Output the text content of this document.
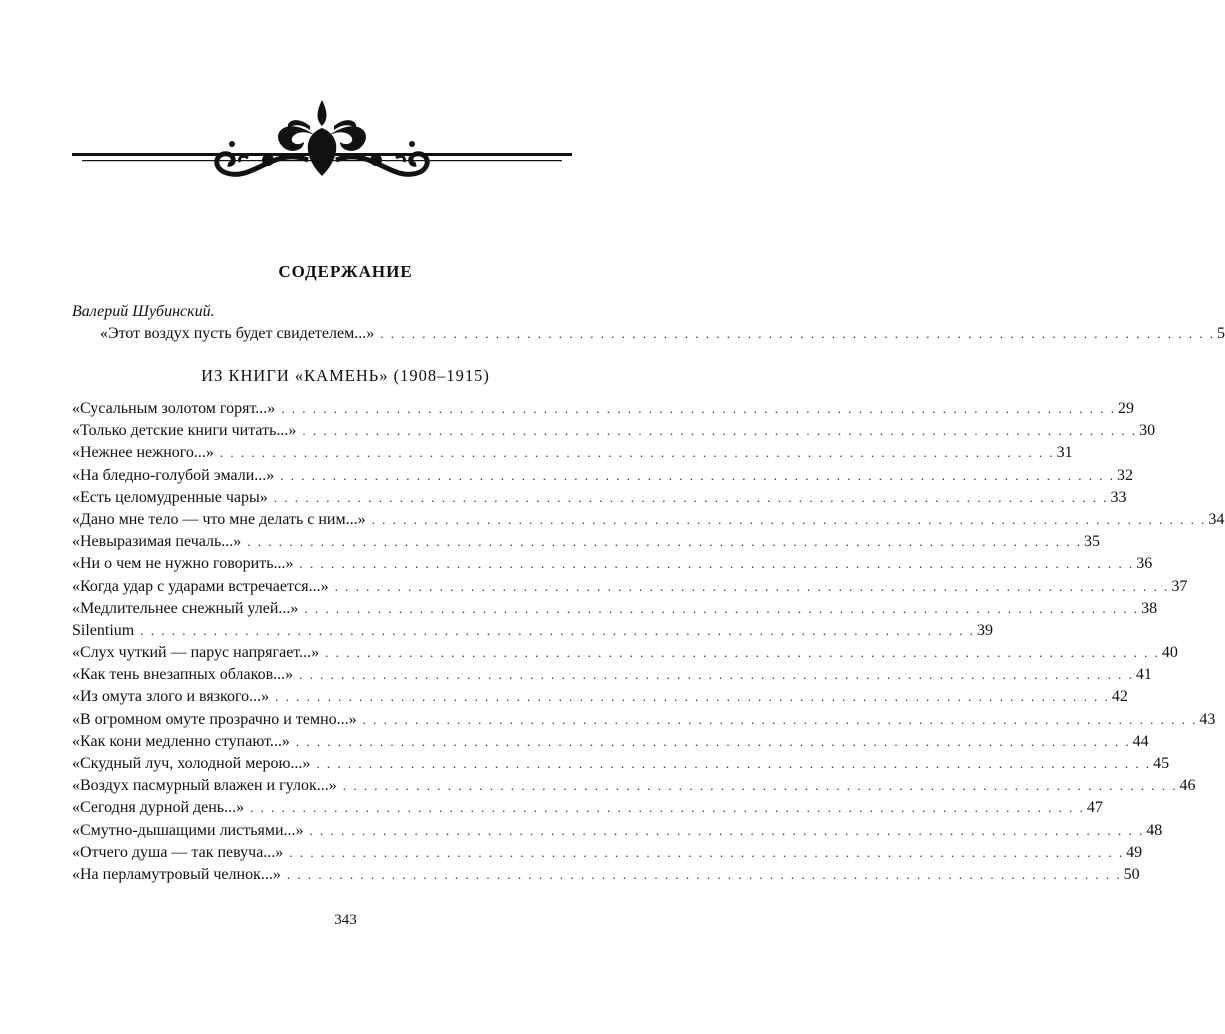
СОДЕРЖАНИЕ
Валерий Шубинский.
«Этот воздух пусть будет свидетелем...» . . . . . . . . . . . . . . . . . . . . . . . . . . . . . . . . . . . . . . . . . . . . . . . . . . . . . . . . . . . . . . . . . . . . . . . . . . . . . . . . 5
ИЗ КНИГИ «КАМЕНЬ» (1908–1915)
«Сусальным золотом горят...» . . . . . . . . . . . . . . . . . . . . . . . . . . . . . . . . . . . . . . . . . . . . . . . . . . . . . . . . . . . . . . . . . . . . . . . . . . . . . . . . 29
«Только детские книги читать...» . . . . . . . . . . . . . . . . . . . . . . . . . . . . . . . . . . . . . . . . . . . . . . . . . . . . . . . . . . . . . . . . . . . . . . . . . . . . . . . . 30
«Нежнее нежного...» . . . . . . . . . . . . . . . . . . . . . . . . . . . . . . . . . . . . . . . . . . . . . . . . . . . . . . . . . . . . . . . . . . . . . . . . . . . . . . . . 31
«На бледно-голубой эмали...» . . . . . . . . . . . . . . . . . . . . . . . . . . . . . . . . . . . . . . . . . . . . . . . . . . . . . . . . . . . . . . . . . . . . . . . . . . . . . . . . 32
«Есть целомудренные чары» . . . . . . . . . . . . . . . . . . . . . . . . . . . . . . . . . . . . . . . . . . . . . . . . . . . . . . . . . . . . . . . . . . . . . . . . . . . . . . . . 33
«Дано мне тело — что мне делать с ним...» . . . . . . . . . . . . . . . . . . . . . . . . . . . . . . . . . . . . . . . . . . . . . . . . . . . . . . . . . . . . . . . . . . . . . . . . . . . . . . . . 34
«Невыразимая печаль...» . . . . . . . . . . . . . . . . . . . . . . . . . . . . . . . . . . . . . . . . . . . . . . . . . . . . . . . . . . . . . . . . . . . . . . . . . . . . . . . . 35
«Ни о чем не нужно говорить...» . . . . . . . . . . . . . . . . . . . . . . . . . . . . . . . . . . . . . . . . . . . . . . . . . . . . . . . . . . . . . . . . . . . . . . . . . . . . . . . . 36
«Когда удар с ударами встречается...» . . . . . . . . . . . . . . . . . . . . . . . . . . . . . . . . . . . . . . . . . . . . . . . . . . . . . . . . . . . . . . . . . . . . . . . . . . . . . . . . 37
«Медлительнее снежный улей...» . . . . . . . . . . . . . . . . . . . . . . . . . . . . . . . . . . . . . . . . . . . . . . . . . . . . . . . . . . . . . . . . . . . . . . . . . . . . . . . . 38
Silentium . . . . . . . . . . . . . . . . . . . . . . . . . . . . . . . . . . . . . . . . . . . . . . . . . . . . . . . . . . . . . . . . . . . . . . . . . . . . . . . . 39
«Слух чуткий — парус напрягает...» . . . . . . . . . . . . . . . . . . . . . . . . . . . . . . . . . . . . . . . . . . . . . . . . . . . . . . . . . . . . . . . . . . . . . . . . . . . . . . . . 40
«Как тень внезапных облаков...» . . . . . . . . . . . . . . . . . . . . . . . . . . . . . . . . . . . . . . . . . . . . . . . . . . . . . . . . . . . . . . . . . . . . . . . . . . . . . . . . 41
«Из омута злого и вязкого...» . . . . . . . . . . . . . . . . . . . . . . . . . . . . . . . . . . . . . . . . . . . . . . . . . . . . . . . . . . . . . . . . . . . . . . . . . . . . . . . . 42
«В огромном омуте прозрачно и темно...» . . . . . . . . . . . . . . . . . . . . . . . . . . . . . . . . . . . . . . . . . . . . . . . . . . . . . . . . . . . . . . . . . . . . . . . . . . . . . . . . 43
«Как кони медленно ступают...» . . . . . . . . . . . . . . . . . . . . . . . . . . . . . . . . . . . . . . . . . . . . . . . . . . . . . . . . . . . . . . . . . . . . . . . . . . . . . . . . 44
«Скудный луч, холодной мерою...» . . . . . . . . . . . . . . . . . . . . . . . . . . . . . . . . . . . . . . . . . . . . . . . . . . . . . . . . . . . . . . . . . . . . . . . . . . . . . . . . 45
«Воздух пасмурный влажен и гулок...» . . . . . . . . . . . . . . . . . . . . . . . . . . . . . . . . . . . . . . . . . . . . . . . . . . . . . . . . . . . . . . . . . . . . . . . . . . . . . . . . 46
«Сегодня дурной день...» . . . . . . . . . . . . . . . . . . . . . . . . . . . . . . . . . . . . . . . . . . . . . . . . . . . . . . . . . . . . . . . . . . . . . . . . . . . . . . . . 47
«Смутно-дышащими листьями...» . . . . . . . . . . . . . . . . . . . . . . . . . . . . . . . . . . . . . . . . . . . . . . . . . . . . . . . . . . . . . . . . . . . . . . . . . . . . . . . . 48
«Отчего душа — так певуча...» . . . . . . . . . . . . . . . . . . . . . . . . . . . . . . . . . . . . . . . . . . . . . . . . . . . . . . . . . . . . . . . . . . . . . . . . . . . . . . . . 49
«На перламутровый челнок...» . . . . . . . . . . . . . . . . . . . . . . . . . . . . . . . . . . . . . . . . . . . . . . . . . . . . . . . . . . . . . . . . . . . . . . . . . . . . . . . . 50
343
